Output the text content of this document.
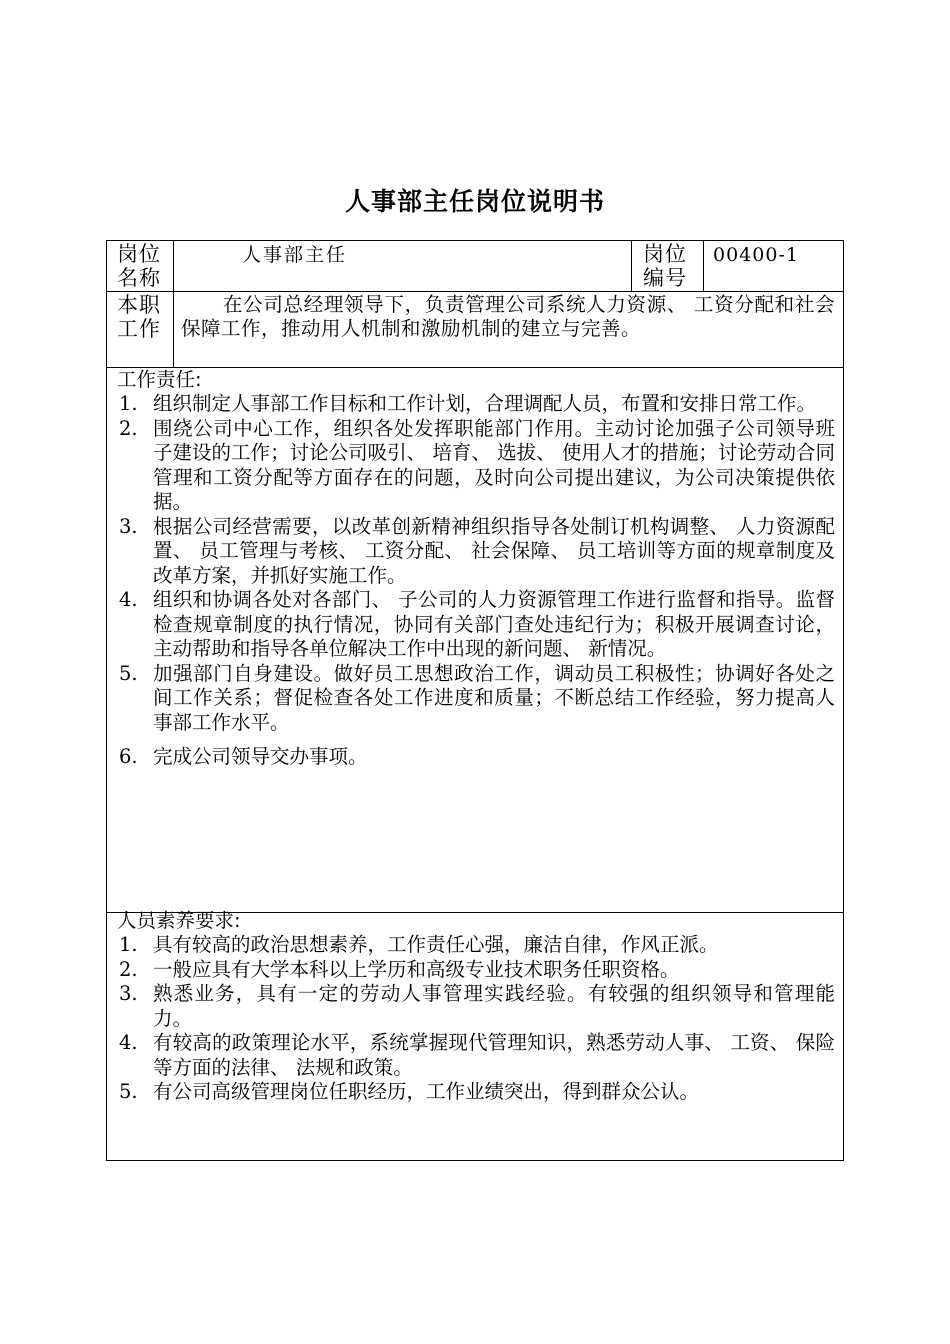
人事部主任岗位说明书
岗位
名称
人事部主任	岗位
编号
00400-1
本职
工作
在公司总经理领导下，负责管理公司系统人力资源、 工资分配和社会保障工作，推动用人机制和激励机制的建立与完善。
工作责任:
1. 组织制定人事部工作目标和工作计划，合理调配人员，布置和安排日常工作。
2. 围绕公司中心工作，组织各处发挥职能部门作用。主动讨论加强子公司领导班子建设的工作；讨论公司吸引、 培育、 选拔、 使用人才的措施；讨论劳动合同管理和工资分配等方面存在的问题，及时向公司提出建议，为公司决策提供依据。
3. 根据公司经营需要，以改革创新精神组织指导各处制订机构调整、 人力资源配置、 员工管理与考核、 工资分配、 社会保障、 员工培训等方面的规章制度及改革方案，并抓好实施工作。
4. 组织和协调各处对各部门、 子公司的人力资源管理工作进行监督和指导。监督检查规章制度的执行情况，协同有关部门查处违纪行为；积极开展调查讨论，主动帮助和指导各单位解决工作中出现的新问题、 新情况。
5. 加强部门自身建设。做好员工思想政治工作，调动员工积极性；协调好各处之间工作关系；督促检查各处工作进度和质量；不断总结工作经验，努力提高人事部工作水平。
6. 完成公司领导交办事项。
人员素养要求:
1. 具有较高的政治思想素养，工作责任心强，廉洁自律，作风正派。
2. 一般应具有大学本科以上学历和高级专业技术职务任职资格。
3. 熟悉业务，具有一定的劳动人事管理实践经验。有较强的组织领导和管理能力。
4. 有较高的政策理论水平，系统掌握现代管理知识，熟悉劳动人事、 工资、 保险等方面的法律、 法规和政策。
5. 有公司高级管理岗位任职经历，工作业绩突出，得到群众公认。
